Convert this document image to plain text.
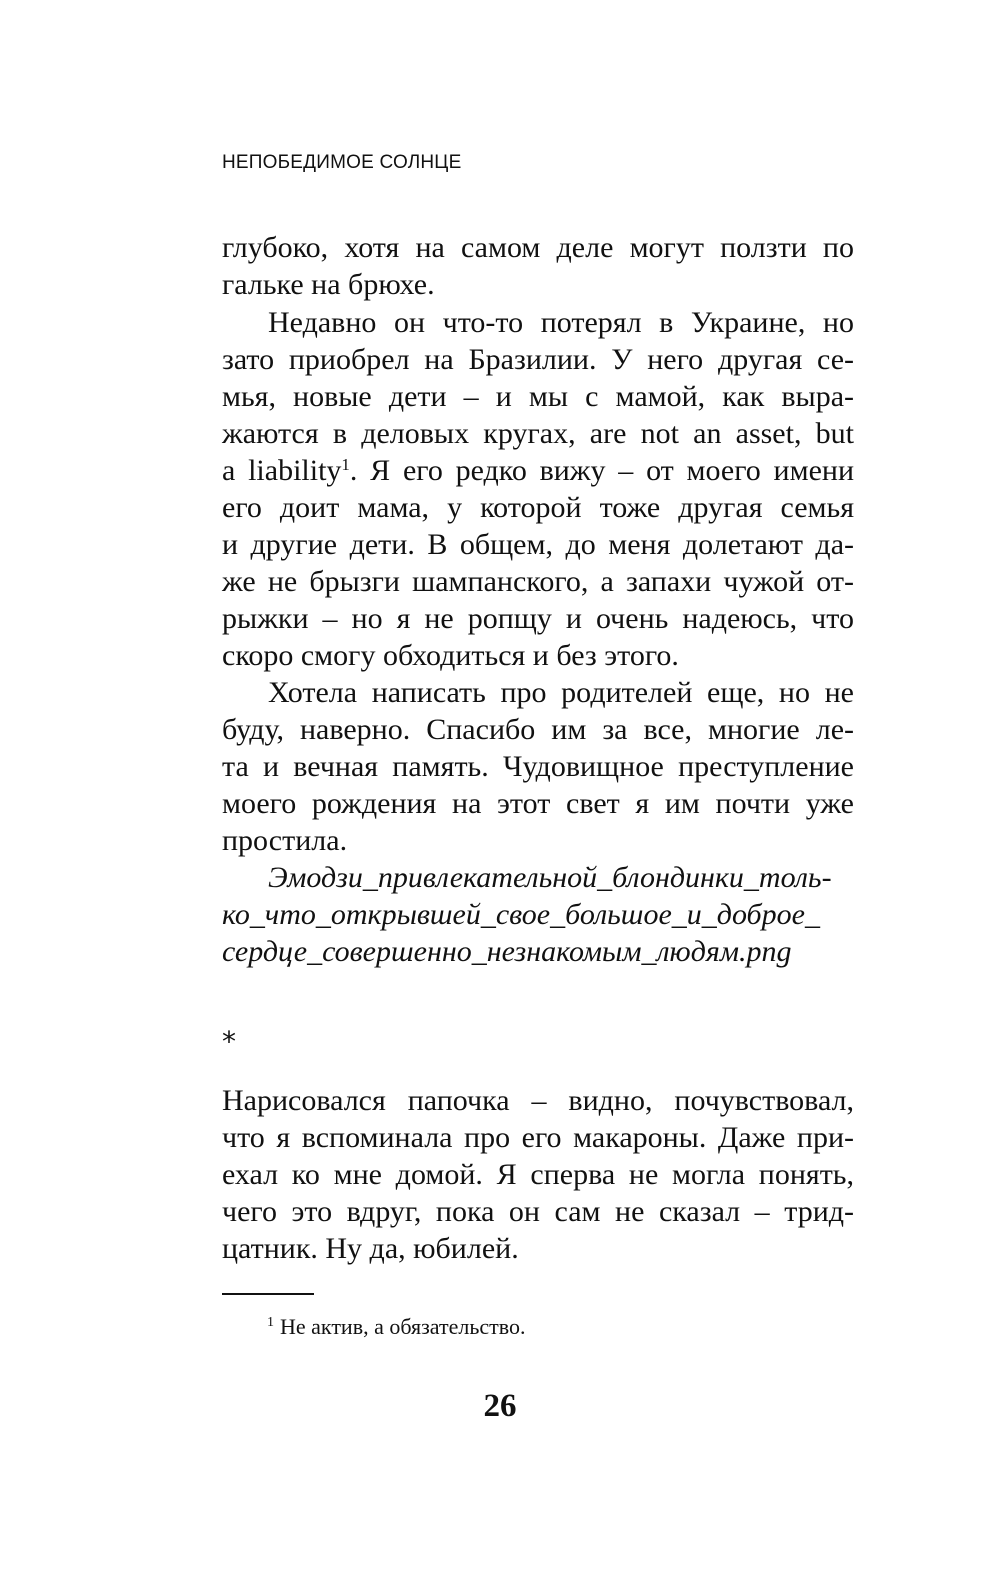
НЕПОБЕДИМОЕ СОЛНЦЕ
глубоко, хотя на самом деле могут ползти по
гальке на брюхе.
Недавно он что-то потерял в Украине, но
зато приобрел на Бразилии. У него другая се-
мья, новые дети – и мы с мамой, как выра-
жаются в деловых кругах, are not an asset, but
a liability$^1$. Я его редко вижу – от моего имени
его доит мама, у которой тоже другая семья
и другие дети. В общем, до меня долетают да-
же не брызги шампанского, а запахи чужой от-
рыжки – но я не ропщу и очень надеюсь, что
скоро смогу обходиться и без этого.
Хотела написать про родителей еще, но не
буду, наверно. Спасибо им за все, многие ле-
та и вечная память. Чудовищное преступление
моего рождения на этот свет я им почти уже
простила.
Эмодзи_привлекательной_блондинки_толь-
ко_что_открывшей_свое_большое_и_доброе_
сердце_совершенно_незнакомым_людям.png
*
Нарисовался папочка – видно, почувствовал,
что я вспоминала про его макароны. Даже при-
ехал ко мне домой. Я сперва не могла понять,
чего это вдруг, пока он сам не сказал – трид-
цатник. Ну да, юбилей.
$^1$ Не актив, а обязательство.
26
